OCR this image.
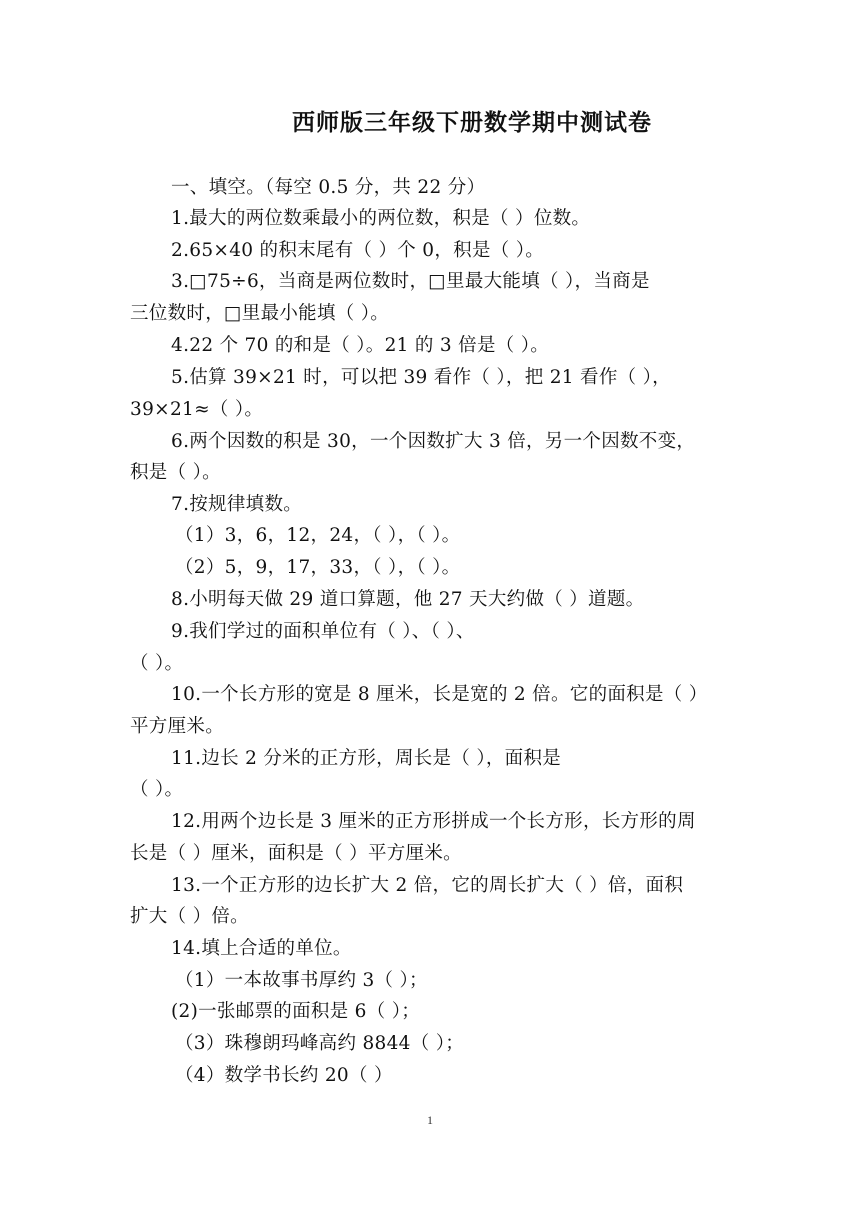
西师版三年级下册数学期中测试卷
一、填空。（每空 0.5 分，共 22 分）
1.最大的两位数乘最小的两位数，积是（ ）位数。
2.65×40 的积末尾有（ ）个 0，积是（ ）。
3.□75÷6，当商是两位数时，□里最大能填（ ），当商是
三位数时，□里最小能填（ ）。
4.22 个 70 的和是（ ）。21 的 3 倍是（ ）。
5.估算 39×21 时，可以把 39 看作（ ），把 21 看作（ ），
39×21≈（ ）。
6.两个因数的积是 30，一个因数扩大 3 倍，另一个因数不变，
积是（ ）。
7.按规律填数。
（1）3，6，12，24，（ ），（ ）。
（2）5，9，17，33，（ ），（ ）。
8.小明每天做 29 道口算题，他 27 天大约做（ ）道题。
9.我们学过的面积单位有（ ）、（ ）、
（ ）。
10.一个长方形的宽是 8 厘米，长是宽的 2 倍。它的面积是（ ）
平方厘米。
11.边长 2 分米的正方形，周长是（ ），面积是
（ ）。
12.用两个边长是 3 厘米的正方形拼成一个长方形，长方形的周
长是（ ）厘米，面积是（ ）平方厘米。
13.一个正方形的边长扩大 2 倍，它的周长扩大（ ）倍，面积
扩大（ ）倍。
14.填上合适的单位。
（1）一本故事书厚约 3（ ）；
(2)一张邮票的面积是 6（ ）；
（3）珠穆朗玛峰高约 8844（ ）；
（4）数学书长约 20（ ）
1
